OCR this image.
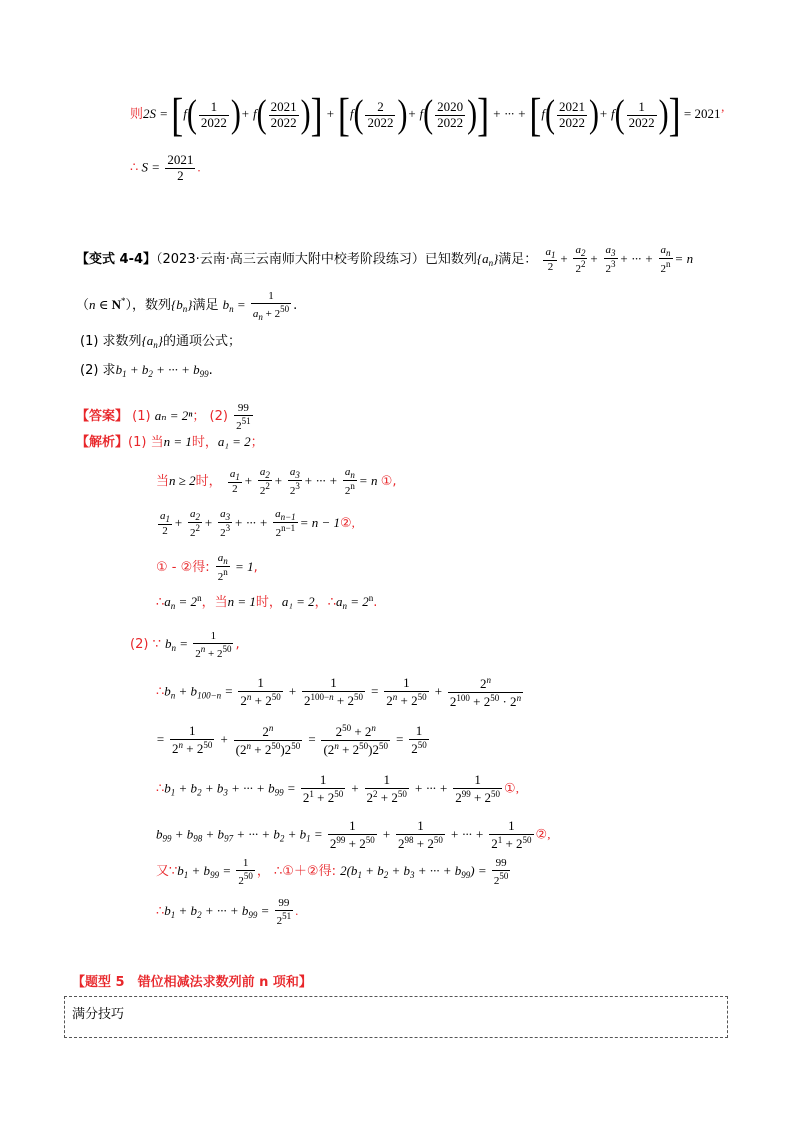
则$2S = [f( \frac{1}{2022}$ )+ $f( \frac{2021}{2022}$ )] + [$f( \frac{2}{2022}$ )+ $f( \frac{2020}{2022}$ )] + ··· + [$f( \frac{2021}{2022}$ )+ $f( \frac{1}{2022}$ )] = 2021’
∴ $S = \frac{2021}{2}$ .
【变式 4-4】（2023·云南·高三云南师大附中校考阶段练习）已知数列$\{a_n\}$满足： $\frac{a_1}{2} + \frac{a_2}{2^2} + \frac{a_3}{2^3}$ + ··· + $\frac{a_n}{2^n} = n$
（n ∈ N*），数列$\{b_n\}$满足 $b_n = \frac{1}{a_n + 2^{50}}$ .
(1) 求数列$\{a_n\}$的通项公式；
(2) 求$b_1 + b_2$ + ··· + $b_{99}$.
【答案】 (1) aₙ = 2ⁿ； $(2) \frac{99}{2^{51}}$
【解析】(1) 当n = 1时，a₁ = 2；
当n ≥ 2时， $\frac{a_1}{2} + \frac{a_2}{2^2} + \frac{a_3}{2^3}$ + ··· + $\frac{a_n}{2^n} = n$ ①,
$\frac{a_1}{2} + \frac{a_2}{2^2} + \frac{a_3}{2^3}$ + ··· + $\frac{a_{n-1}}{2^{n-1}} = n$ − 1②,
① - ②得: $\frac{a_n}{2^n} = 1$,
$\therefore a_n = 2^n$，当n = 1时，a₁ = 2，$\therefore a_n = 2^n$.
(2) ∵ $b_n = \frac{1}{2^n + 2^{50}}$ ,
$\therefore b_n + b_{100-n} = \frac{1}{2^n + 2^{50}} + \frac{1}{2^{100-n} + 2^{50}} = \frac{1}{2^n + 2^{50}} + \frac{2^n}{2^{100} + 2^{50} \cdot 2^n}$
= $\frac{1}{2^n + 2^{50}} + \frac{2^n}{(2^n + 2^{50})2^{50}} = \frac{2^{50} + 2^n}{(2^n + 2^{50})2^{50}} = \frac{1}{2^{50}}$
$\therefore b_1 + b_2 + b_3$ + ··· + $b_{99} = \frac{1}{2^1 + 2^{50}} + \frac{1}{2^2 + 2^{50}}$ + ··· + $\frac{1}{2^{99} + 2^{50}}$ ①,
$b_{99} + b_{98} + b_{97}$ + ··· + $b_2 + b_1 = \frac{1}{2^{99} + 2^{50}} + \frac{1}{2^{98} + 2^{50}}$ + ··· + $\frac{1}{2^1 + 2^{50}}$ ②,
又$\because b_1 + b_{99} = \frac{1}{2^{50}}$ ， ∴①＋②得: $2(b_1 + b_2 + b_3$ + ··· + $b_{99}) = \frac{99}{2^{50}}$
$\therefore b_1 + b_2$ + ··· + $b_{99} = \frac{99}{2^{51}}$ .
【题型 5　错位相减法求数列前 n 项和】
满分技巧
